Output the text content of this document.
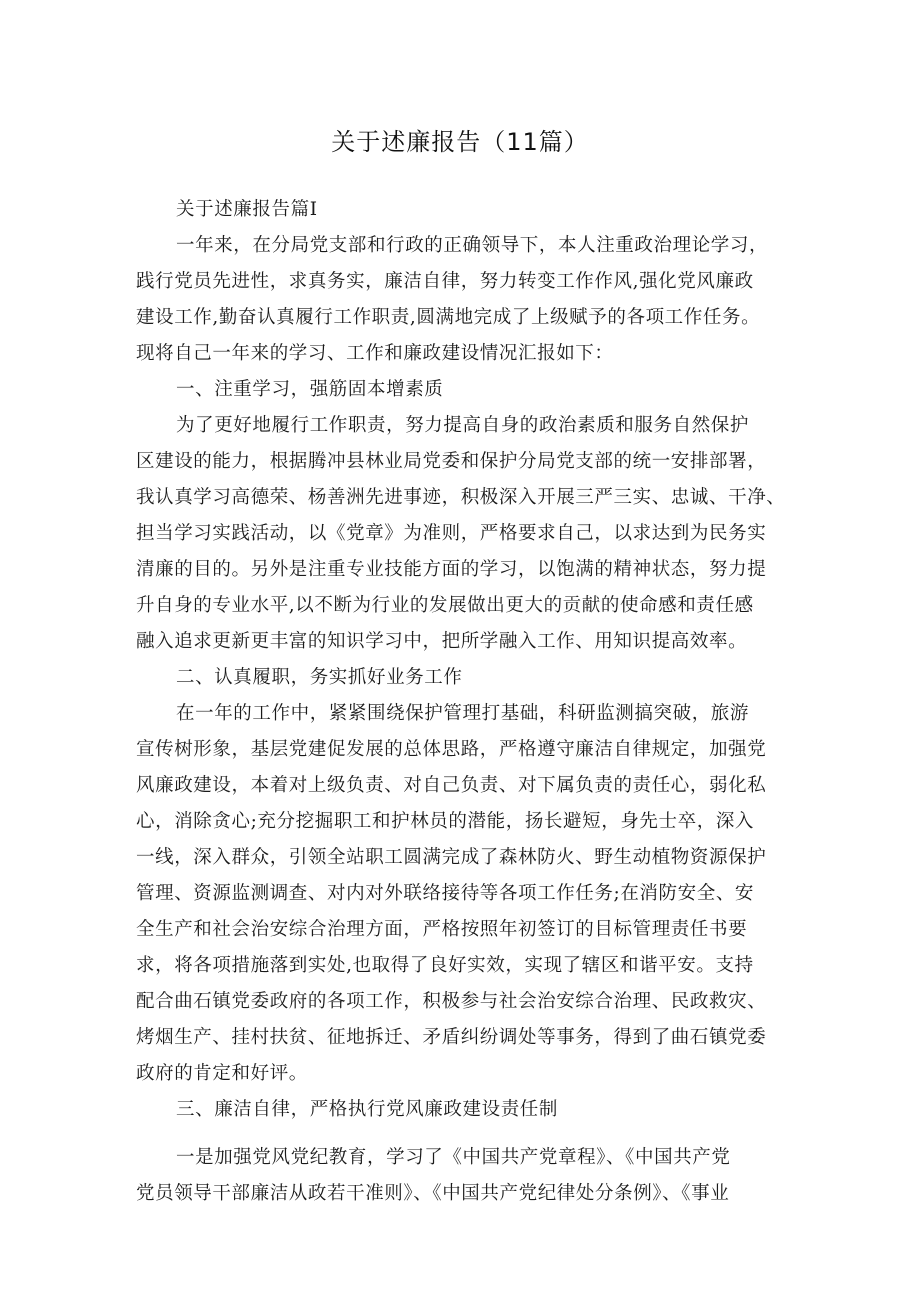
关于述廉报告（11篇）
关于述廉报告篇Ⅰ
一年来，在分局党支部和行政的正确领导下，本人注重政治理论学习，
践行党员先进性，求真务实，廉洁自律，努力转变工作作风,强化党风廉政
建设工作,勤奋认真履行工作职责,圆满地完成了上级赋予的各项工作任务。
现将自己一年来的学习、工作和廉政建设情况汇报如下：
一、注重学习，强筋固本增素质
为了更好地履行工作职责，努力提高自身的政治素质和服务自然保护
区建设的能力，根据腾冲县林业局党委和保护分局党支部的统一安排部署，
我认真学习高德荣、杨善洲先进事迹，积极深入开展三严三实、忠诚、干净、
担当学习实践活动，以《党章》为准则，严格要求自己，以求达到为民务实
清廉的目的。另外是注重专业技能方面的学习，以饱满的精神状态，努力提
升自身的专业水平,以不断为行业的发展做出更大的贡献的使命感和责任感
融入追求更新更丰富的知识学习中，把所学融入工作、用知识提高效率。
二、认真履职，务实抓好业务工作
在一年的工作中，紧紧围绕保护管理打基础，科研监测搞突破，旅游
宣传树形象，基层党建促发展的总体思路，严格遵守廉洁自律规定，加强党
风廉政建设，本着对上级负责、对自己负责、对下属负责的责任心，弱化私
心，消除贪心;充分挖掘职工和护林员的潜能，扬长避短，身先士卒，深入
一线，深入群众，引领全站职工圆满完成了森林防火、野生动植物资源保护
管理、资源监测调查、对内对外联络接待等各项工作任务;在消防安全、安
全生产和社会治安综合治理方面，严格按照年初签订的目标管理责任书要
求，将各项措施落到实处,也取得了良好实效，实现了辖区和谐平安。支持
配合曲石镇党委政府的各项工作，积极参与社会治安综合治理、民政救灾、
烤烟生产、挂村扶贫、征地拆迁、矛盾纠纷调处等事务，得到了曲石镇党委
政府的肯定和好评。
三、廉洁自律，严格执行党风廉政建设责任制
一是加强党风党纪教育，学习了《中国共产党章程》、《中国共产党
党员领导干部廉洁从政若干准则》、《中国共产党纪律处分条例》、《事业
